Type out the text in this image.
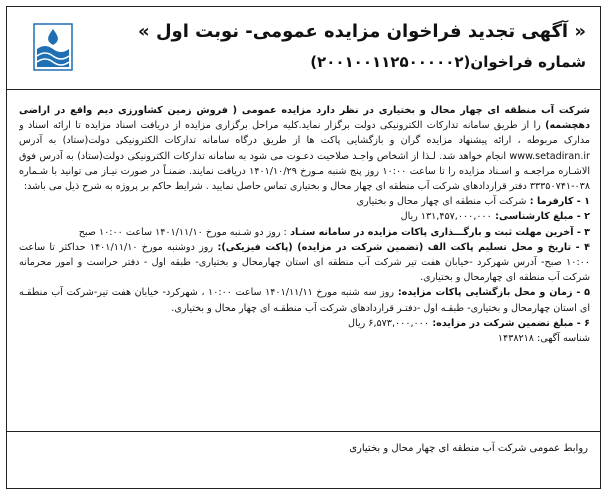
« آگهی تجدید فراخوان مزایده عمومی- نوبت اول »
شماره فراخوان(۲۰۰۱۰۰۱۱۲۵۰۰۰۰۰۲)

شرکت آب منطقه ای چهار محال و بختیاری در نظر دارد مزایده عمومی ( فروش زمین کشاورزی دیم واقع در اراضی دهچشمه) را از طریق سامانه تدارکات الکترونیکی دولت برگزار نماید.کلیه مراحل برگزاری مزایده از دریافت اسناد مزایده تا ارائه اسناد و مدارک مربوطه ، ارائه پیشنهاد مزایده گران و بازگشایی پاکت ها از طریق درگاه سامانه تدارکات الکترونیکی دولت(ستاد) به آدرس www.setadiran.ir انجام خواهد شد. لـذا از اشخاص واجـد صلاحیت دعـوت می شود به سامانه تدارکات الکترونیکی دولت(ستاد) به آدرس فوق الاشـاره مراجعـه و اسـناد مزایده را تا ساعت ۱۰:۰۰ روز پنج شنبه مـورخ ۱۴۰۱/۱۰/۲۹ دریافت نمایند. ضمنـاً در صورت نیـاز می توانید با شـماره ۰۳۸-۳۳۳۵۰۷۴۱ دفتر قراردادهای شرکت آب منطقه ای چهار محال و بختیاری تماس حاصل نمایید . شرایط حاکم بر پروژه به شرح ذیل می باشد:

۱ - کارفرما : شرکت آب منطقه ای چهار محال و بختیاری

۲ - مبلغ کارشناسی: ۱۳۱,۴۵۷,۰۰۰,۰۰۰ ریال

۳ - آخرین مهلت ثبت و بارگـــذاری پاکات مزایده در سامانه ستـاد : روز دو شـنبه مورخ ۱۴۰۱/۱۱/۱۰ ساعت ۱۰:۰۰ صبح

۴ - تاریخ و محل تسلیم پاکت الف (تضمین شرکت در مزایده) (پاکت فیزیکی): روز دوشنبه مورخ ۱۴۰۱/۱۱/۱۰ حداکثر تا ساعت ۱۰:۰۰ صبح- آدرس شهرکرد -خیابان هفت تیر شرکت آب منطقه ای استان چهارمحال و بختیاری- طبقه اول - دفتر حراست و امور محرمانه شرکت آب منطقه ای چهارمحال و بختیاری.

۵ - زمان و محل بازگشایی پاکات مزایده: روز سه شنبه مورخ ۱۴۰۱/۱۱/۱۱ ساعت ۱۰:۰۰ ، شهرکرد- خیابان هفت تیر-شرکت آب منطقـه ای استان چهارمحال و بختیاری- طبقـه اول -دفتـر قراردادهای شرکت آب منطقـه ای چهار محال و بختیاری.

۶ - مبلغ تضمین شرکت در مزایده: ۶,۵۷۳,۰۰۰,۰۰۰ ریال

شناسه آگهی: ۱۴۳۸۲۱۸

روابط عمومی شرکت آب منطقه ای چهار محال و بختیاری
